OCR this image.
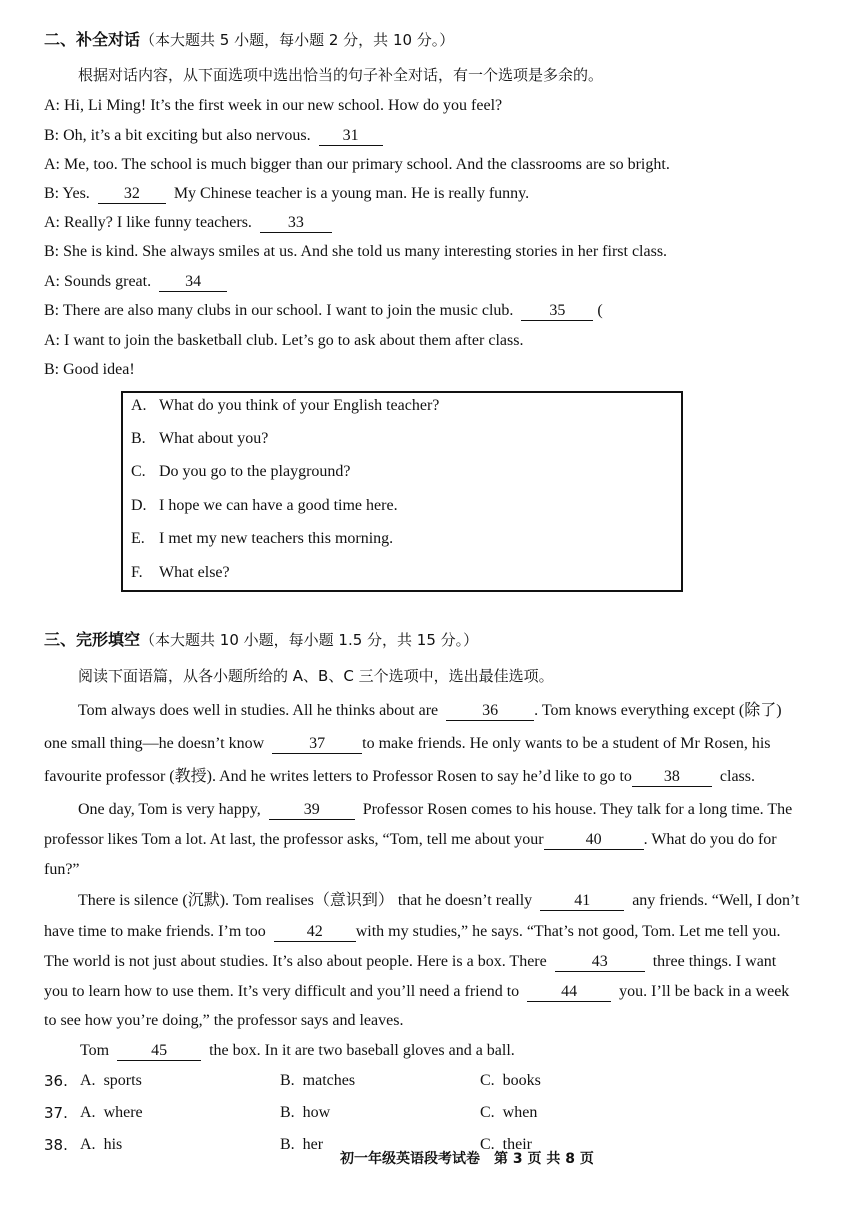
二、补全对话（本大题共 5 小题，每小题 2 分，共 10 分。）
根据对话内容，从下面选项中选出恰当的句子补全对话，有一个选项是多余的。
A: Hi, Li Ming! It’s the first week in our new school. How do you feel?
B: Oh, it’s a bit exciting but also nervous. 31
A: Me, too. The school is much bigger than our primary school. And the classrooms are so bright.
B: Yes. 32 My Chinese teacher is a young man. He is really funny.
A: Really? I like funny teachers. 33
B: She is kind. She always smiles at us. And she told us many interesting stories in her first class.
A: Sounds great. 34
B: There are also many clubs in our school. I want to join the music club. 35 (
A: I want to join the basketball club. Let’s go to ask about them after class.
B: Good idea!
A. What do you think of your English teacher?
B. What about you?
C. Do you go to the playground?
D. I hope we can have a good time here.
E. I met my new teachers this morning.
F. What else?
三、完形填空（本大题共 10 小题，每小题 1.5 分，共 15 分。）
阅读下面语篇，从各小题所给的 A、B、C 三个选项中，选出最佳选项。
Tom always does well in studies. All he thinks about are	36 . Tom knows everything except (除了)
one small thing—he doesn’t know	37 to make friends. He only wants to be a student of Mr Rosen, his
favourite professor (教授). And he writes letters to Professor Rosen to say he’d like to go to 38	class.
One day, Tom is very happy,	39	Professor Rosen comes to his house. They talk for a long time. The
professor likes Tom a lot. At last, the professor asks, “Tom, tell me about your	40	. What do you do for
fun?”
There is silence (沉默). Tom realises（意识到） that he doesn’t really	41	any friends. “Well, I don’t
have time to make friends. I’m too	42 with my studies,” he says. “That’s not good, Tom. Let me tell you.
The world is not just about studies. It’s also about people. Here is a box. There	43	three things. I want
you to learn how to use them. It’s very difficult and you’ll need a friend to	44	you. I’ll be back in a week
to see how you’re doing,” the professor says and leaves.
Tom	45	the box. In it are two baseball gloves and a ball.
36. A. sports	B. matches	C. books
37. A. where	B. how	C. when
38. A. his	B. her	C. their
初一年级英语段考试卷　第 3 页 共 8 页
